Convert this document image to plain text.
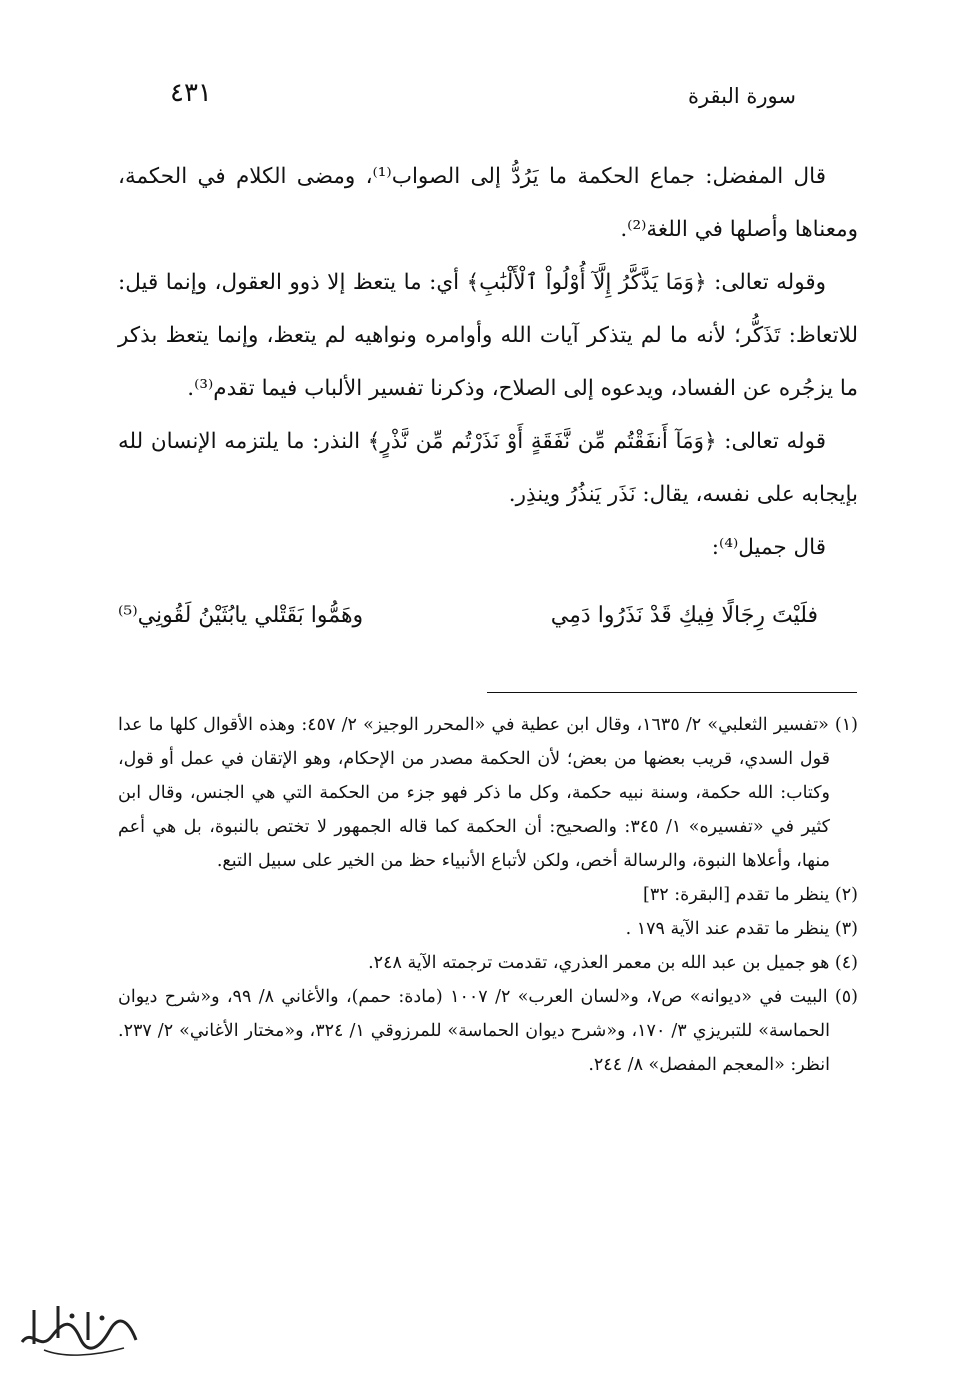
سورة البقرة
٤٣١

قال المفضل: جماع الحكمة ما يَرُدُّ إلى الصواب⁽¹⁾، ومضى الكلام في الحكمة، ومعناها وأصلها في اللغة⁽²⁾.

وقوله تعالى: ﴿وَمَا يَذَّكَّرُ إِلَّآ أُوْلُواْ ٱلْأَلْبَٰبِ﴾ أي: ما يتعظ إلا ذوو العقول، وإنما قيل: للاتعاظ: تَذَكُّر؛ لأنه ما لم يتذكر آيات الله وأوامره ونواهيه لم يتعظ، وإنما يتعظ بذكر ما يزجُره عن الفساد، ويدعوه إلى الصلاح، وذكرنا تفسير الألباب فيما تقدم⁽³⁾.

قوله تعالى: ﴿وَمَآ أَنفَقْتُم مِّن نَّفَقَةٍ أَوْ نَذَرْتُم مِّن نَّذْرٍ﴾ النذر: ما يلتزمه الإنسان لله بإيجابه على نفسه، يقال: نَذَر يَنذُرُ وينذِر.

قال جميل⁽⁴⁾:

فلَيْتَ رِجَالًا فِيكِ قَدْ نَذَرُوا دَمِي
وهَمُّوا بَقَتْلي يابُثَيْنُ لَقُونِي⁽⁵⁾

(١) «تفسير الثعلبي» ٢/ ١٦٣٥، وقال ابن عطية في «المحرر الوجيز» ٢/ ٤٥٧: وهذه الأقوال كلها ما عدا قول السدي، قريب بعضها من بعض؛ لأن الحكمة مصدر من الإحكام، وهو الإتقان في عمل أو قول، وكتاب: الله حكمة، وسنة نبيه حكمة، وكل ما ذكر فهو جزء من الحكمة التي هي الجنس، وقال ابن كثير في «تفسيره» ١/ ٣٤٥: والصحيح: أن الحكمة كما قاله الجمهور لا تختص بالنبوة، بل هي أعم منها، وأعلاها النبوة، والرسالة أخص، ولكن لأتباع الأنبياء حظ من الخير على سبيل التبع.

(٢) ينظر ما تقدم [البقرة: ٣٢]

(٣) ينظر ما تقدم عند الآية ١٧٩ .

(٤) هو جميل بن عبد الله بن معمر العذري، تقدمت ترجمته الآية ٢٤٨.

(٥) البيت في «ديوانه» ص٧، و«لسان العرب» ٢/ ١٠٠٧ (مادة: حمم)، والأغاني ٨/ ٩٩، و«شرح ديوان الحماسة» للتبريزي ٣/ ١٧٠، و«شرح ديوان الحماسة» للمرزوقي ١/ ٣٢٤، و«مختار الأغاني» ٢/ ٢٣٧. انظر: «المعجم المفصل» ٨/ ٢٤٤.
